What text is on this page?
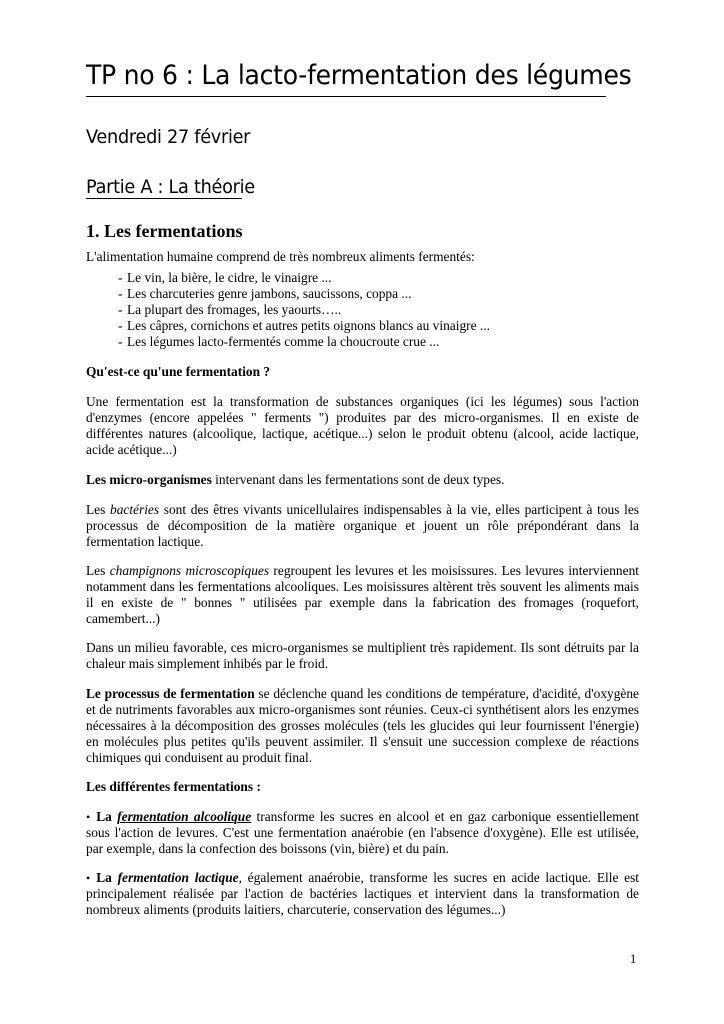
TP no 6 : La lacto-fermentation des légumes
Vendredi 27 février
Partie A : La théorie
1. Les fermentations
L'alimentation humaine comprend de très nombreux aliments fermentés:
- Le vin, la bière, le cidre, le vinaigre ...
- Les charcuteries genre jambons, saucissons, coppa ...
- La plupart des fromages, les yaourts…..
- Les câpres, cornichons et autres petits oignons blancs au vinaigre ...
- Les légumes lacto-fermentés comme la choucroute crue ...
Qu'est-ce qu'une fermentation ?

Une fermentation est la transformation de substances organiques (ici les légumes) sous l'action d'enzymes (encore appelées " ferments ") produites par des micro-organismes. Il en existe de différentes natures (alcoolique, lactique, acétique...) selon le produit obtenu (alcool, acide lactique, acide acétique...)

Les micro-organismes intervenant dans les fermentations sont de deux types.

Les bactéries sont des êtres vivants unicellulaires indispensables à la vie, elles participent à tous les processus de décomposition de la matière organique et jouent un rôle prépondérant dans la fermentation lactique.

Les champignons microscopiques regroupent les levures et les moisissures. Les levures interviennent notamment dans les fermentations alcooliques. Les moisissures altèrent très souvent les aliments mais il en existe de " bonnes " utilisées par exemple dans la fabrication des fromages (roquefort, camembert...)

Dans un milieu favorable, ces micro-organismes se multiplient très rapidement. Ils sont détruits par la chaleur mais simplement inhibés par le froid.

Le processus de fermentation se déclenche quand les conditions de température, d'acidité, d'oxygène et de nutriments favorables aux micro-organismes sont réunies. Ceux-ci synthétisent alors les enzymes nécessaires à la décomposition des grosses molécules (tels les glucides qui leur fournissent l'énergie) en molécules plus petites qu'ils peuvent assimiler. Il s'ensuit une succession complexe de réactions chimiques qui conduisent au produit final.

Les différentes fermentations :

• La fermentation alcoolique transforme les sucres en alcool et en gaz carbonique essentiellement sous l'action de levures. C'est une fermentation anaérobie (en l'absence d'oxygène). Elle est utilisée, par exemple, dans la confection des boissons (vin, bière) et du pain.

• La fermentation lactique, également anaérobie, transforme les sucres en acide lactique. Elle est principalement réalisée par l'action de bactéries lactiques et intervient dans la transformation de nombreux aliments (produits laitiers, charcuterie, conservation des légumes...)

1
